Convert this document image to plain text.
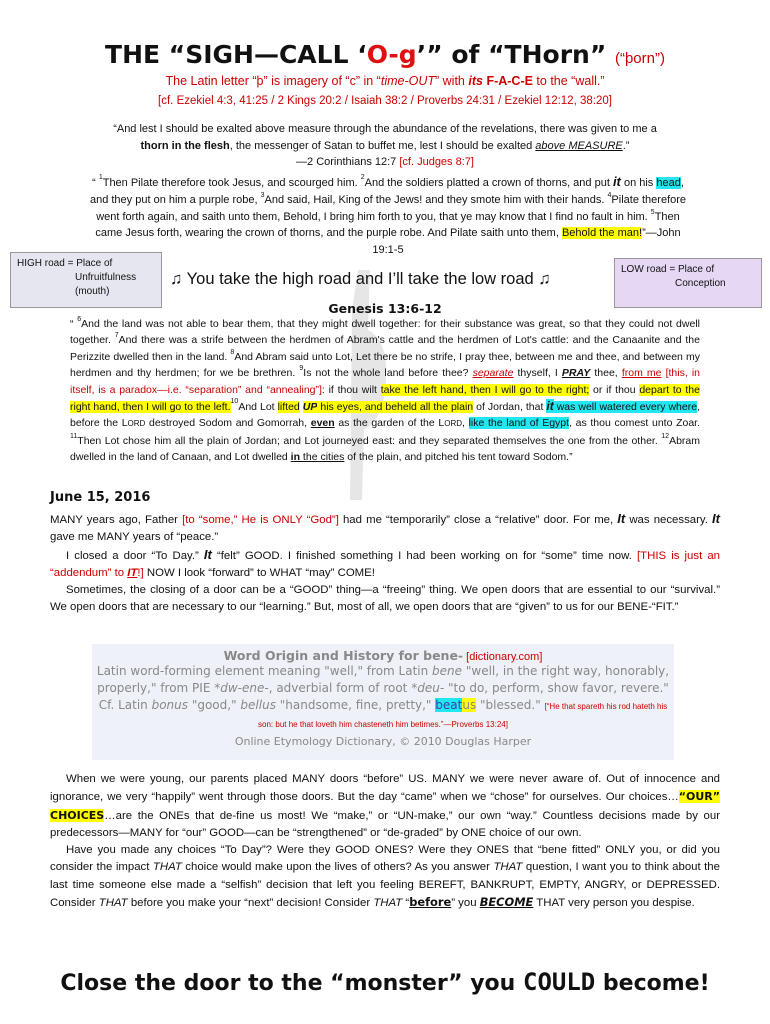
THE “SIGH—CALL ‘O-g’” of “THorn” (“þorn”)
The Latin letter “þ” is imagery of “c” in “time-OUT” with its F-A-C-E to the “wall.”
[cf. Ezekiel 4:3, 41:25 / 2 Kings 20:2 / Isaiah 38:2 / Proverbs 24:31 / Ezekiel 12:12, 38:20]
“And lest I should be exalted above measure through the abundance of the revelations, there was given to me a
thorn in the flesh, the messenger of Satan to buffet me, lest I should be exalted above MEASURE.”
—2 Corinthians 12:7 [cf. Judges 8:7]
“ $^1$Then Pilate therefore took Jesus, and scourged him. $^2$And the soldiers platted a crown of thorns, and put it on his head, and they put on him a purple robe, $^3$And said, Hail, King of the Jews! and they smote him with their hands. $^4$Pilate therefore went forth again, and saith unto them, Behold, I bring him forth to you, that ye may know that I find no fault in him. $^5$Then came Jesus forth, wearing the crown of thorns, and the purple robe. And Pilate saith unto them, Behold the man!”—John 19:1-5
HIGH road = Place of
Unfruitfulness
(mouth)
LOW road = Place of
Conception
♫ You take the high road and I’ll take the low road ♫
Genesis 13:6-12
“ $^6$And the land was not able to bear them, that they might dwell together: for their substance was great, so that they could not dwell together. $^7$And there was a strife between the herdmen of Abram's cattle and the herdmen of Lot's cattle: and the Canaanite and the Perizzite dwelled then in the land. $^8$And Abram said unto Lot, Let there be no strife, I pray thee, between me and thee, and between my herdmen and thy herdmen; for we be brethren. $^9$Is not the whole land before thee? separate thyself, I PRAY thee, from me [this, in itself, is a paradox—i.e. “separation” and “annealing”]: if thou wilt take the left hand, then I will go to the right; or if thou depart to the right hand, then I will go to the left.$^{10}$And Lot lifted UP his eyes, and beheld all the plain of Jordan, that it was well watered every where, before the LORD destroyed Sodom and Gomorrah, even as the garden of the LORD, like the land of Egypt, as thou comest unto Zoar. $^{11}$Then Lot chose him all the plain of Jordan; and Lot journeyed east: and they separated themselves the one from the other. $^{12}$Abram dwelled in the land of Canaan, and Lot dwelled in the cities of the plain, and pitched his tent toward Sodom.”
June 15, 2016
MANY years ago, Father [to “some,” He is ONLY “God”] had me “temporarily” close a “relative” door. For me, It was necessary. It gave me MANY years of “peace.”
I closed a door “To Day.” It “felt” GOOD. I finished something I had been working on for “some” time now. [THIS is just an “addendum” to IT!] NOW I look “forward” to WHAT “may” COME!
Sometimes, the closing of a door can be a “GOOD” thing—a “freeing” thing. We open doors that are essential to our “survival.” We open doors that are necessary to our “learning.” But, most of all, we open doors that are “given” to us for our BENE-“FIT.”
Word Origin and History for bene- [dictionary.com]
Latin word-forming element meaning "well," from Latin bene "well, in the right way, honorably, properly," from PIE *dw-ene-, adverbial form of root *deu- "to do, perform, show favor, revere." Cf. Latin bonus "good," bellus "handsome, fine, pretty," beatus "blessed." [“He that spareth his rod hateth his son: but he that loveth him chasteneth him betimes.”—Proverbs 13:24]
Online Etymology Dictionary, © 2010 Douglas Harper
When we were young, our parents placed MANY doors “before” US. MANY we were never aware of. Out of innocence and ignorance, we very “happily” went through those doors. But the day “came” when we “chose” for ourselves. Our choices…“OUR” CHOICES…are the ONEs that de-fine us most! We “make,” or “UN-make,” our own “way.” Countless decisions made by our predecessors—MANY for “our” GOOD—can be “strengthened” or “de-graded” by ONE choice of our own.
Have you made any choices “To Day”? Were they GOOD ONES? Were they ONES that “bene fitted” ONLY you, or did you consider the impact THAT choice would make upon the lives of others? As you answer THAT question, I want you to think about the last time someone else made a “selfish” decision that left you feeling BEREFT, BANKRUPT, EMPTY, ANGRY, or DEPRESSED. Consider THAT before you make your “next” decision! Consider THAT “before” you BECOME THAT very person you despise.
Close the door to the “monster” you COULD become!
